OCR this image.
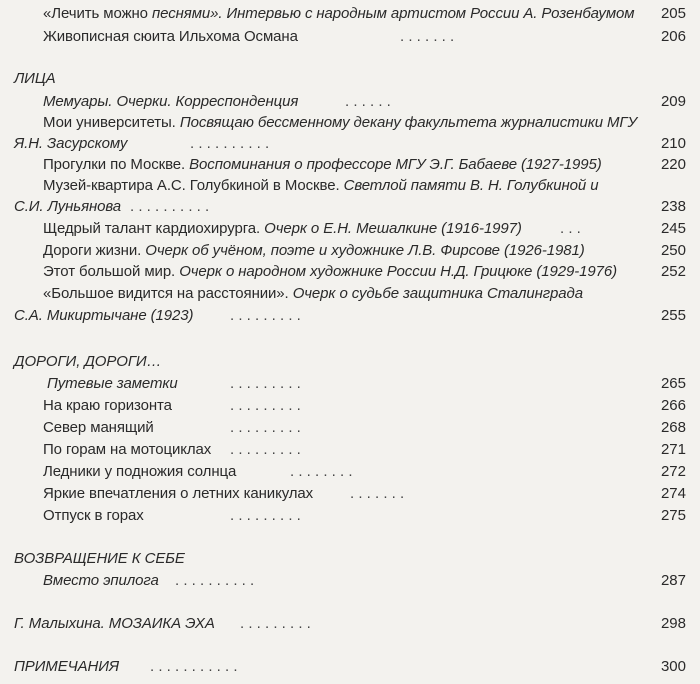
«Лечить можно песнями». Интервью с народным артистом России А. Розенбаумом	205
Живописная сюита Ильхома Османа	. . . . . . .	206
ЛИЦА
Мемуары. Очерки. Корреспонденция	. . . . . .	209
Мои университеты. Посвящаю бессменному декану факультета журналистики МГУ
Я.Н. Засурскому	. . . . . . . . . .	210
Прогулки по Москве. Воспоминания о профессоре МГУ Э.Г. Бабаеве (1927-1995)	220
Музей-квартира А.С. Голубкиной в Москве. Светлой памяти В. Н. Голубкиной и
С.И. Луньянова . . . . . . . . . .	238
Щедрый талант кардиохирурга. Очерк о Е.Н. Мешалкине (1916-1997)	. . .	245
Дороги жизни. Очерк об учёном, поэте и художнике Л.В. Фирсове (1926-1981)	250
Этот большой мир. Очерк о народном художнике России Н.Д. Грицюке (1929-1976)	252
«Большое видится на расстоянии». Очерк о судьбе защитника Сталинграда
С.А. Микиртычане (1923) . . . . . . . . .	255
ДОРОГИ, ДОРОГИ…
Путевые заметки	. . . . . . . . .	265
На краю горизонта	. . . . . . . . .	266
Север манящий	. . . . . . . . .	268
По горам на мотоциклах . . . . . . . . .	271
Ледники у подножия солнца	. . . . . . . .	272
Яркие впечатления о летних каникулах . . . . . . .	274
Отпуск в горах	. . . . . . . . .	275
ВОЗВРАЩЕНИЕ К СЕБЕ
Вместо эпилога . . . . . . . . . .	287
Г. Малыхина. МОЗАИКА ЭХА . . . . . . . . .	298
ПРИМЕЧАНИЯ . . . . . . . . . . .	300
